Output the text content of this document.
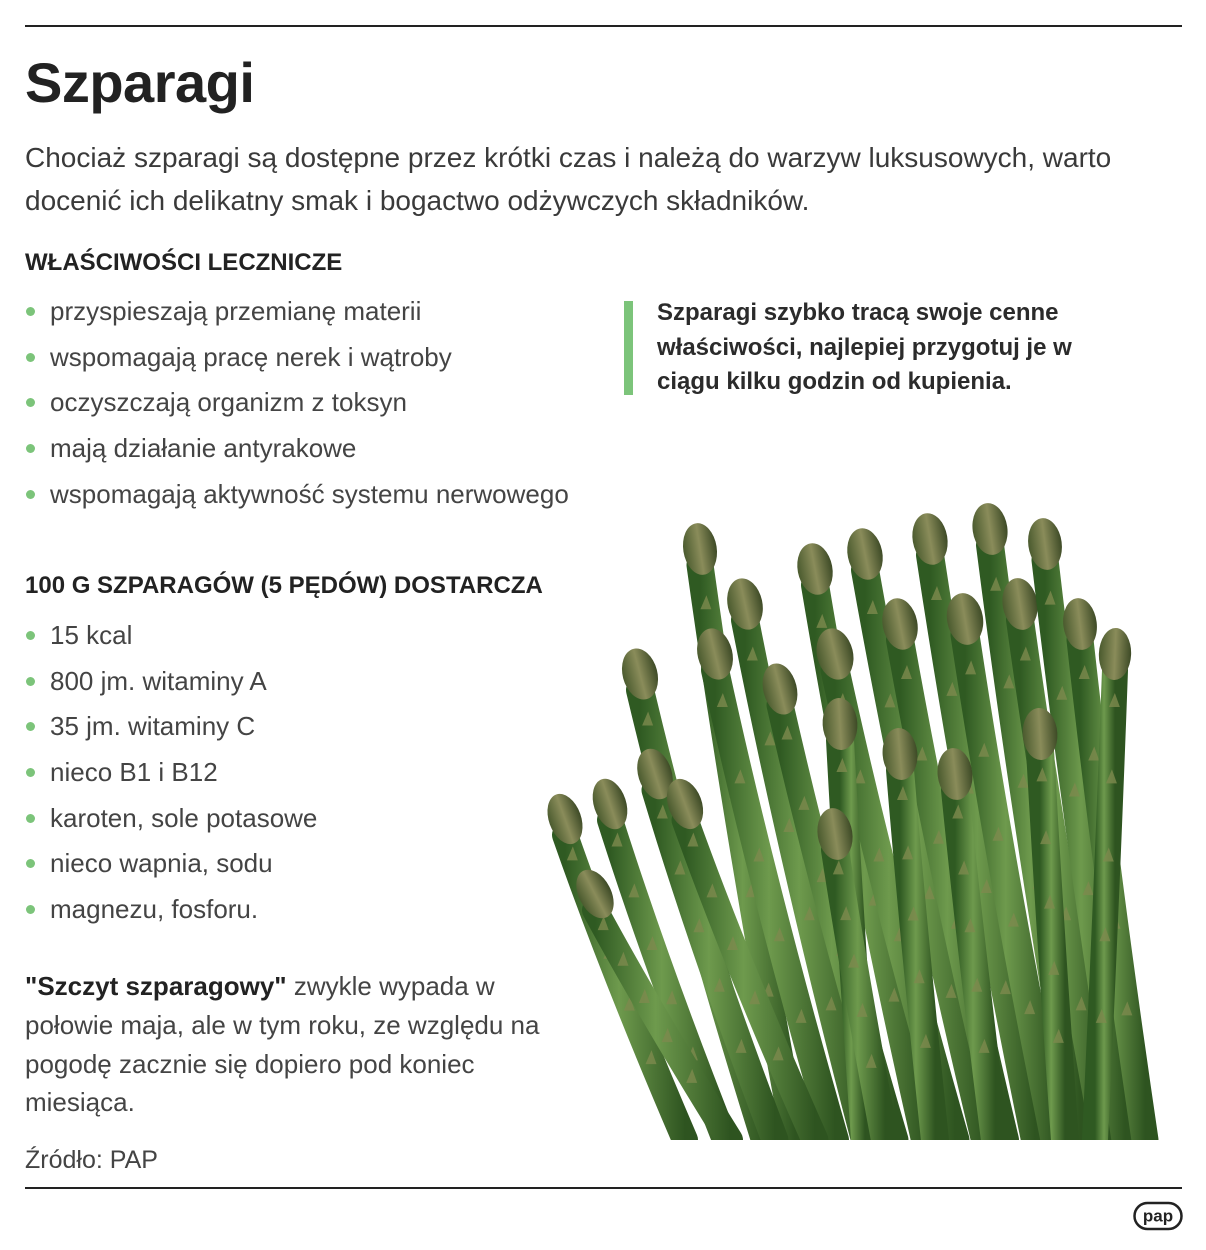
Szparagi

Chociaż szparagi są dostępne przez krótki czas i należą do warzyw luksusowych, warto docenić ich delikatny smak i bogactwo odżywczych składników.

WŁAŚCIWOŚCI LECZNICZE
przyspieszają przemianę materii
wspomagają pracę nerek i wątroby
oczyszczają organizm z toksyn
mają działanie antyrakowe
wspomagają aktywność systemu nerwowego
100 G SZPARAGÓW (5 PĘDÓW) DOSTARCZA
15 kcal
800 jm. witaminy A
35 jm. witaminy C
nieco B1 i B12
karoten, sole potasowe
nieco wapnia, sodu
magnezu, fosforu.

Szparagi szybko tracą swoje cenne właściwości, najlepiej przygotuj je w ciągu kilku godzin od kupienia.

"Szczyt szparagowy" zwykle wypada w połowie maja, ale w tym roku, ze względu na pogodę zacznie się dopiero pod koniec miesiąca.

Źródło: PAP

pap
